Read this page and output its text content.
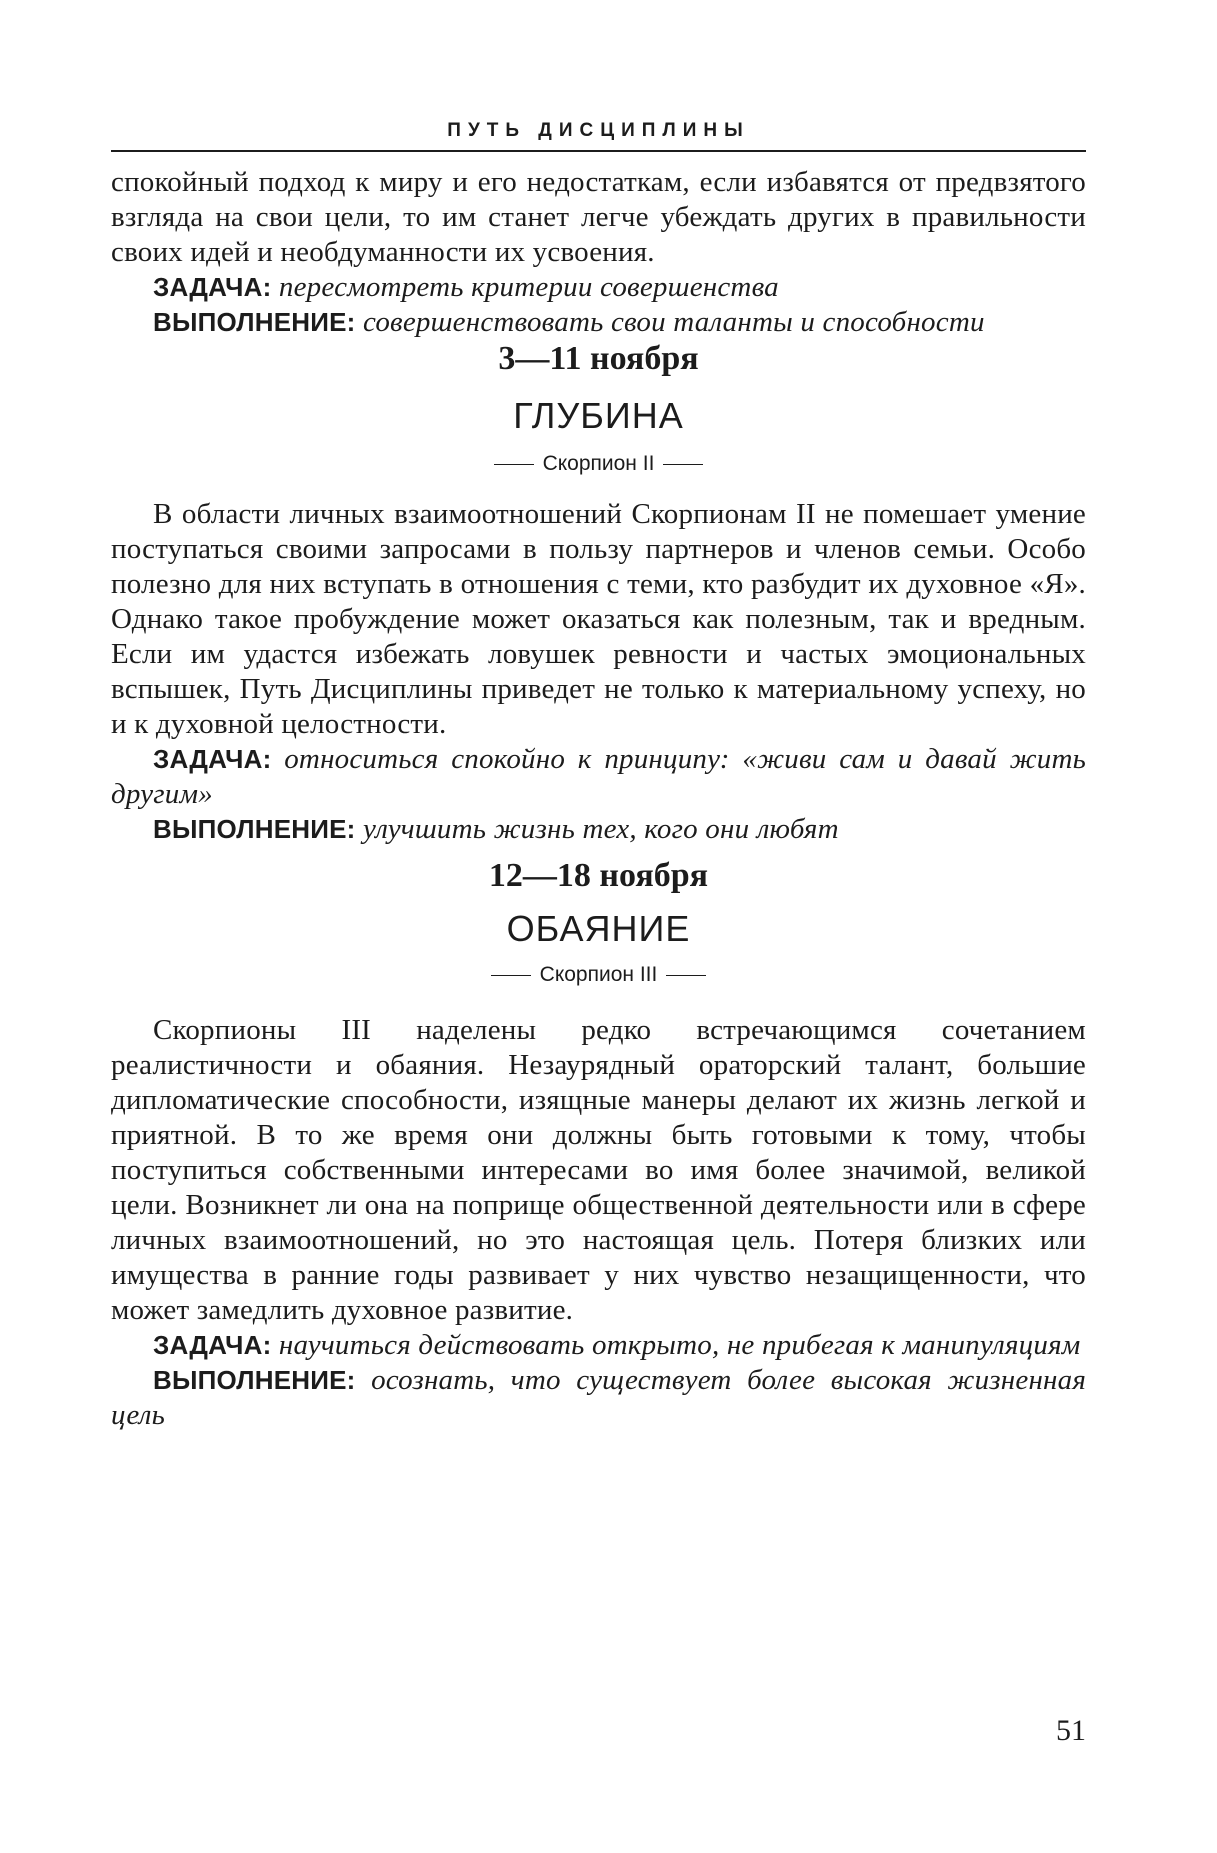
ПУТЬ ДИСЦИПЛИНЫ

спокойный подход к миру и его недостаткам, если избавятся от предвзятого взгляда на свои цели, то им станет легче убеждать других в правильности своих идей и необдуманности их усвоения.

ЗАДАЧА: пересмотреть критерии совершенства

ВЫПОЛНЕНИЕ: совершенствовать свои таланты и способности

3—11 ноября
ГЛУБИНА
Скорпион II

В области личных взаимоотношений Скорпионам II не помешает умение поступаться своими запросами в пользу партнеров и членов семьи. Особо полезно для них вступать в отношения с теми, кто разбудит их духовное «Я». Однако такое пробуждение может оказаться как полезным, так и вредным. Если им удастся избежать ловушек ревности и частых эмоциональных вспышек, Путь Дисциплины приведет не только к материальному успеху, но и к духовной целостности.

ЗАДАЧА: относиться спокойно к принципу: «живи сам и давай жить другим»

ВЫПОЛНЕНИЕ: улучшить жизнь тех, кого они любят

12—18 ноября
ОБАЯНИЕ
Скорпион III

Скорпионы III наделены редко встречающимся сочетанием реалистичности и обаяния. Незаурядный ораторский талант, большие дипломатические способности, изящные манеры делают их жизнь легкой и приятной. В то же время они должны быть готовыми к тому, чтобы поступиться собственными интересами во имя более значимой, великой цели. Возникнет ли она на поприще общественной деятельности или в сфере личных взаимоотношений, но это настоящая цель. Потеря близких или имущества в ранние годы развивает у них чувство незащищенности, что может замедлить духовное развитие.

ЗАДАЧА: научиться действовать открыто, не прибегая к манипуляциям

ВЫПОЛНЕНИЕ: осознать, что существует более высокая жизненная цель

51
